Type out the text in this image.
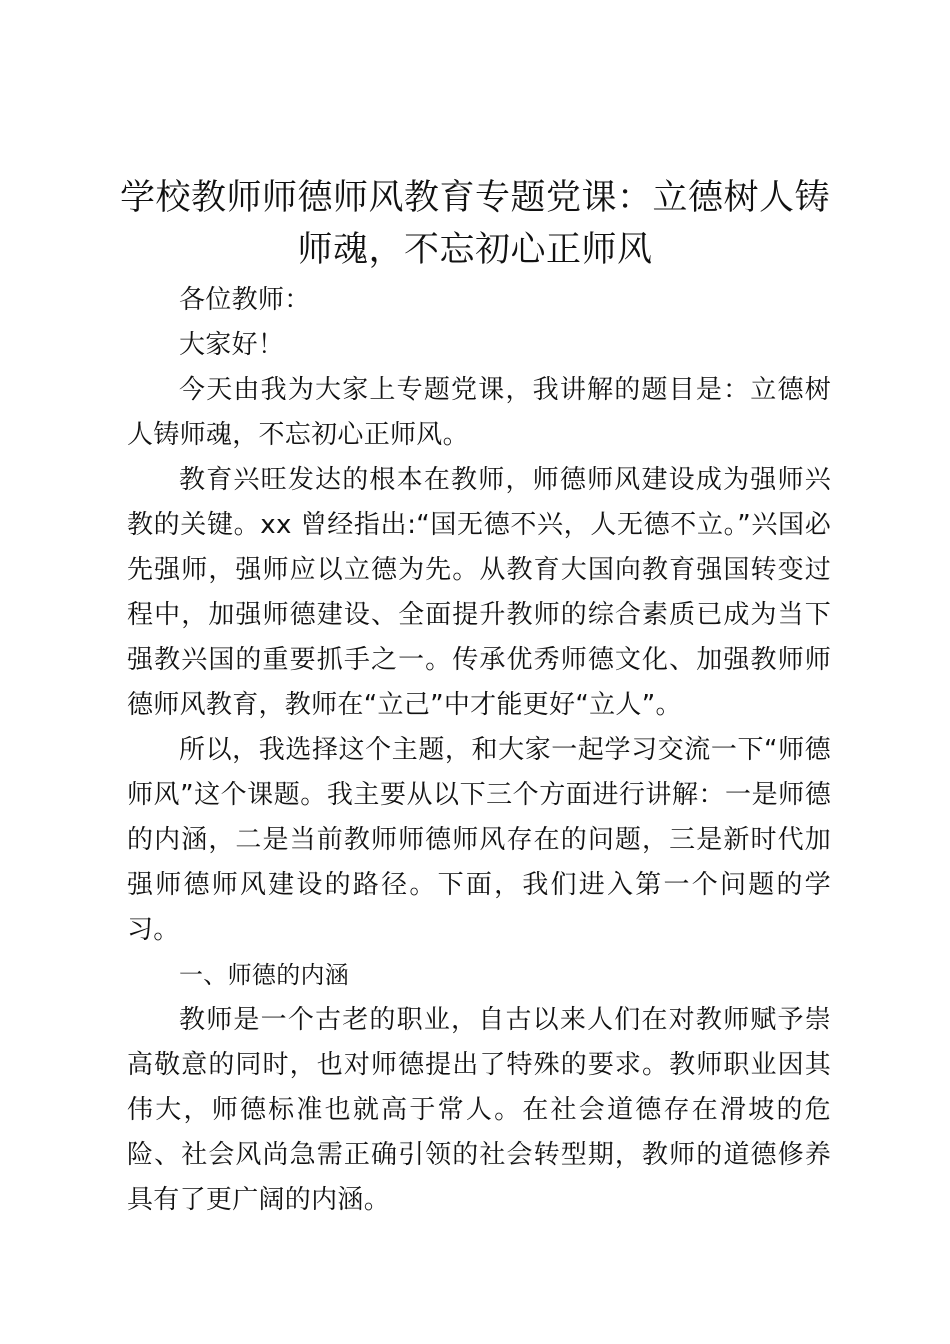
学校教师师德师风教育专题党课：立德树人铸师魂，不忘初心正师风

各位教师：

大家好！

今天由我为大家上专题党课，我讲解的题目是：立德树人铸师魂，不忘初心正师风。

教育兴旺发达的根本在教师，师德师风建设成为强师兴教的关键。xx 曾经指出:“国无德不兴，人无德不立。”兴国必先强师，强师应以立德为先。从教育大国向教育强国转变过程中，加强师德建设、全面提升教师的综合素质已成为当下强教兴国的重要抓手之一。传承优秀师德文化、加强教师师德师风教育，教师在“立己”中才能更好“立人”。

所以，我选择这个主题，和大家一起学习交流一下“师德师风”这个课题。我主要从以下三个方面进行讲解：一是师德的内涵，二是当前教师师德师风存在的问题，三是新时代加强师德师风建设的路径。下面，我们进入第一个问题的学习。

一、师德的内涵

教师是一个古老的职业，自古以来人们在对教师赋予崇高敬意的同时，也对师德提出了特殊的要求。教师职业因其伟大，师德标准也就高于常人。在社会道德存在滑坡的危险、社会风尚急需正确引领的社会转型期，教师的道德修养具有了更广阔的内涵。
